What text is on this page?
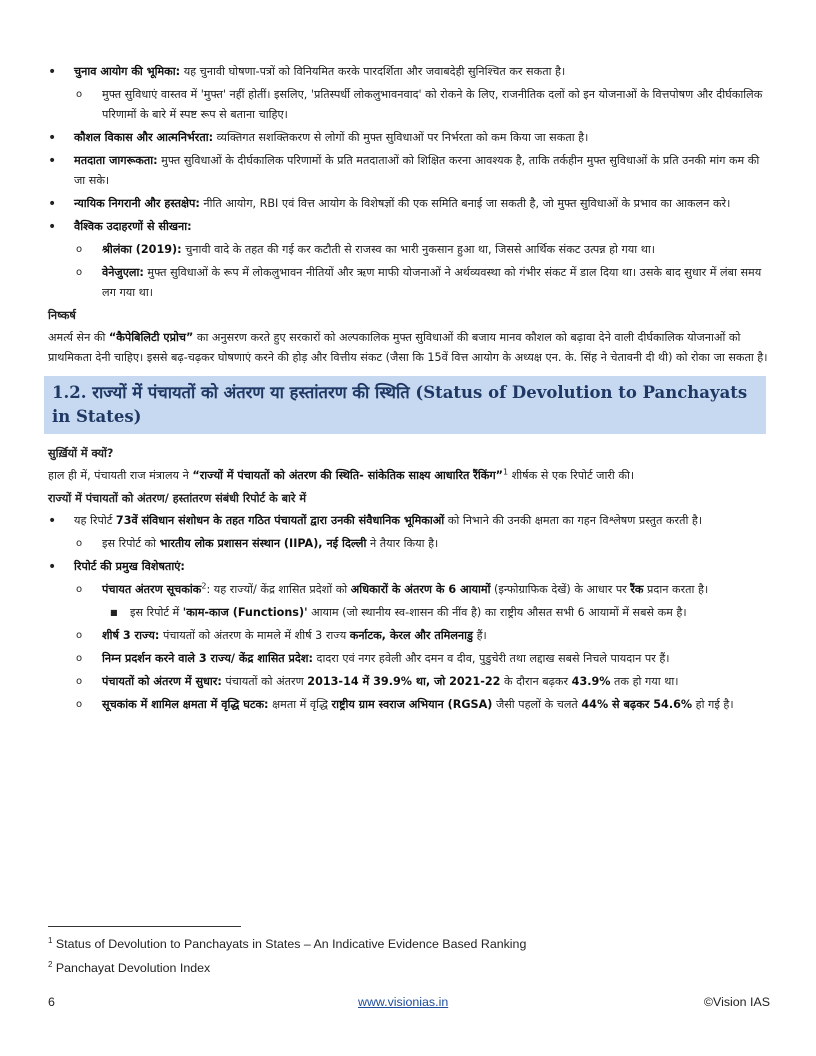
• चुनाव आयोग की भूमिका: यह चुनावी घोषणा-पत्रों को विनियमित करके पारदर्शिता और जवाबदेही सुनिश्चित कर सकता है।
o मुफ्त सुविधाएं वास्तव में 'मुफ्त' नहीं होतीं। इसलिए, 'प्रतिस्पर्धी लोकलुभावनवाद' को रोकने के लिए, राजनीतिक दलों को इन योजनाओं के वित्तपोषण और दीर्घकालिक परिणामों के बारे में स्पष्ट रूप से बताना चाहिए।
• कौशल विकास और आत्मनिर्भरता: व्यक्तिगत सशक्तिकरण से लोगों की मुफ्त सुविधाओं पर निर्भरता को कम किया जा सकता है।
• मतदाता जागरूकता: मुफ्त सुविधाओं के दीर्घकालिक परिणामों के प्रति मतदाताओं को शिक्षित करना आवश्यक है, ताकि तर्कहीन मुफ्त सुविधाओं के प्रति उनकी मांग कम की जा सके।
• न्यायिक निगरानी और हस्तक्षेप: नीति आयोग, RBI एवं वित्त आयोग के विशेषज्ञों की एक समिति बनाई जा सकती है, जो मुफ्त सुविधाओं के प्रभाव का आकलन करे।
• वैश्विक उदाहरणों से सीखना:
o श्रीलंका (2019): चुनावी वादे के तहत की गई कर कटौती से राजस्व का भारी नुकसान हुआ था, जिससे आर्थिक संकट उत्पन्न हो गया था।
o वेनेजुएला: मुफ्त सुविधाओं के रूप में लोकलुभावन नीतियों और ऋण माफी योजनाओं ने अर्थव्यवस्था को गंभीर संकट में डाल दिया था। उसके बाद सुधार में लंबा समय लग गया था।
निष्कर्ष
अमर्त्य सेन की “कैपेबिलिटी एप्रोच” का अनुसरण करते हुए सरकारों को अल्पकालिक मुफ्त सुविधाओं की बजाय मानव कौशल को बढ़ावा देने वाली दीर्घकालिक योजनाओं को प्राथमिकता देनी चाहिए। इससे बढ़-चढ़कर घोषणाएं करने की होड़ और वित्तीय संकट (जैसा कि 15वें वित्त आयोग के अध्यक्ष एन. के. सिंह ने चेतावनी दी थी) को रोका जा सकता है।
1.2. राज्यों में पंचायतों को अंतरण या हस्तांतरण की स्थिति (Status of Devolution to Panchayats in States)
सुर्ख़ियों में क्यों?
हाल ही में, पंचायती राज मंत्रालय ने “राज्यों में पंचायतों को अंतरण की स्थिति- सांकेतिक साक्ष्य आधारित रैंकिंग”$^1$ शीर्षक से एक रिपोर्ट जारी की।
राज्यों में पंचायतों को अंतरण/ हस्तांतरण संबंधी रिपोर्ट के बारे में
• यह रिपोर्ट 73वें संविधान संशोधन के तहत गठित पंचायतों द्वारा उनकी संवैधानिक भूमिकाओं को निभाने की उनकी क्षमता का गहन विश्लेषण प्रस्तुत करती है।
o इस रिपोर्ट को भारतीय लोक प्रशासन संस्थान (IIPA), नई दिल्ली ने तैयार किया है।
• रिपोर्ट की प्रमुख विशेषताएं:
o पंचायत अंतरण सूचकांक$^2$: यह राज्यों/ केंद्र शासित प्रदेशों को अधिकारों के अंतरण के 6 आयामों (इन्फोग्राफिक देखें) के आधार पर रैंक प्रदान करता है।
■ इस रिपोर्ट में 'काम-काज (Functions)' आयाम (जो स्थानीय स्व-शासन की नींव है) का राष्ट्रीय औसत सभी 6 आयामों में सबसे कम है।
o शीर्ष 3 राज्य: पंचायतों को अंतरण के मामले में शीर्ष 3 राज्य कर्नाटक, केरल और तमिलनाडु हैं।
o निम्न प्रदर्शन करने वाले 3 राज्य/ केंद्र शासित प्रदेश: दादरा एवं नगर हवेली और दमन व दीव, पुडुचेरी तथा लद्दाख सबसे निचले पायदान पर हैं।
o पंचायतों को अंतरण में सुधार: पंचायतों को अंतरण 2013-14 में 39.9% था, जो 2021-22 के दौरान बढ़कर 43.9% तक हो गया था।
o सूचकांक में शामिल क्षमता में वृद्धि घटक: क्षमता में वृद्धि राष्ट्रीय ग्राम स्वराज अभियान (RGSA) जैसी पहलों के चलते 44% से बढ़कर 54.6% हो गई है।
$^1$ Status of Devolution to Panchayats in States – An Indicative Evidence Based Ranking
$^2$ Panchayat Devolution Index
6	www.visionias.in	©Vision IAS
